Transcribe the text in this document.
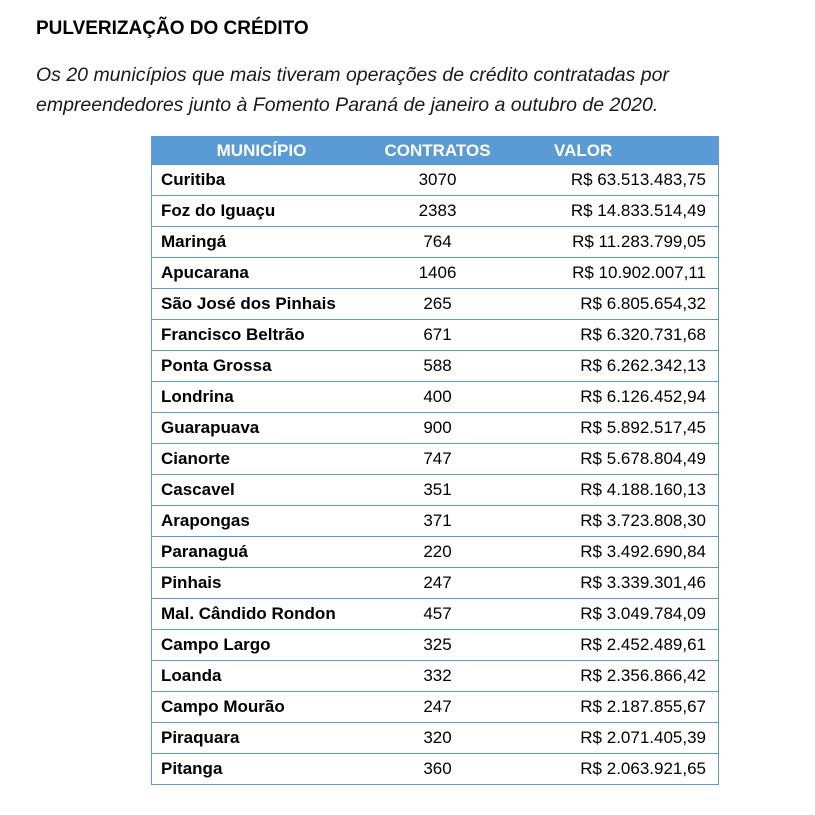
PULVERIZAÇÃO DO CRÉDITO
Os 20 municípios que mais tiveram operações de crédito contratadas por empreendedores junto à Fomento Paraná de janeiro a outubro de 2020.
MUNICÍPIO	CONTRATOS	VALOR
Curitiba	3070	R$ 63.513.483,75
Foz do Iguaçu	2383	R$ 14.833.514,49
Maringá	764	R$ 11.283.799,05
Apucarana	1406	R$ 10.902.007,11
São José dos Pinhais	265	R$ 6.805.654,32
Francisco Beltrão	671	R$ 6.320.731,68
Ponta Grossa	588	R$ 6.262.342,13
Londrina	400	R$ 6.126.452,94
Guarapuava	900	R$ 5.892.517,45
Cianorte	747	R$ 5.678.804,49
Cascavel	351	R$ 4.188.160,13
Arapongas	371	R$ 3.723.808,30
Paranaguá	220	R$ 3.492.690,84
Pinhais	247	R$ 3.339.301,46
Mal. Cândido Rondon	457	R$ 3.049.784,09
Campo Largo	325	R$ 2.452.489,61
Loanda	332	R$ 2.356.866,42
Campo Mourão	247	R$ 2.187.855,67
Piraquara	320	R$ 2.071.405,39
Pitanga	360	R$ 2.063.921,65
